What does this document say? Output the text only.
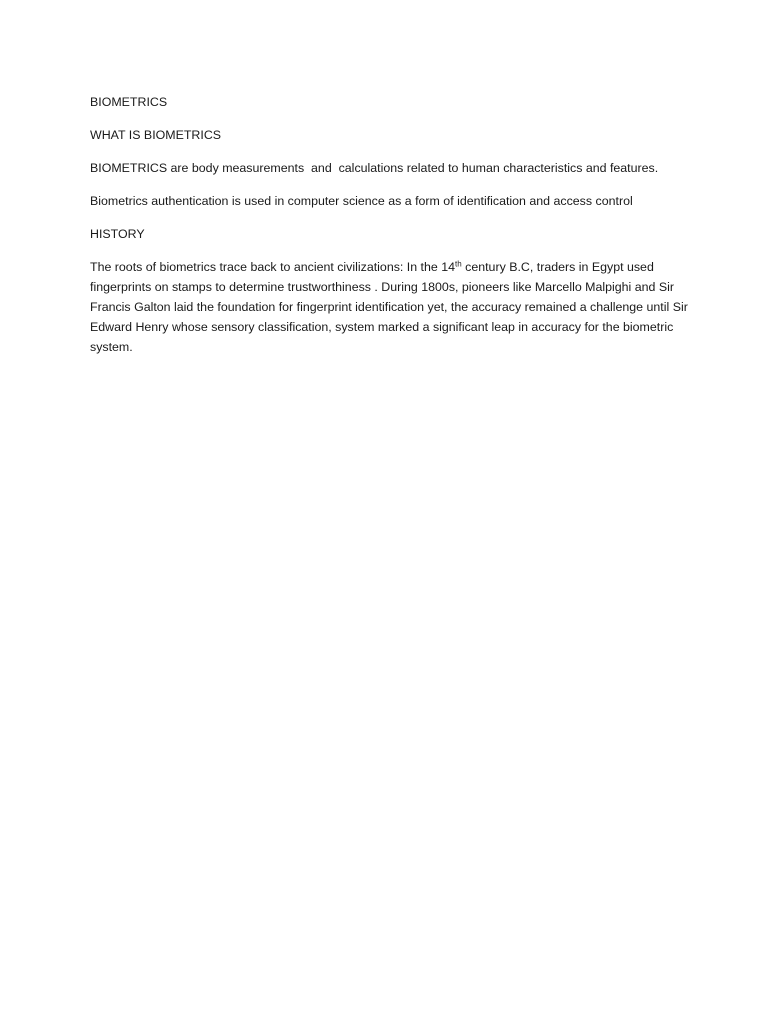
BIOMETRICS

WHAT IS BIOMETRICS

BIOMETRICS are body measurements  and  calculations related to human characteristics and features.

Biometrics authentication is used in computer science as a form of identification and access control

HISTORY

The roots of biometrics trace back to ancient civilizations: In the 14th century B.C, traders in Egypt used fingerprints on stamps to determine trustworthiness . During 1800s, pioneers like Marcello Malpighi and Sir Francis Galton laid the foundation for fingerprint identification yet, the accuracy remained a challenge until Sir Edward Henry whose sensory classification, system marked a significant leap in accuracy for the biometric system.
